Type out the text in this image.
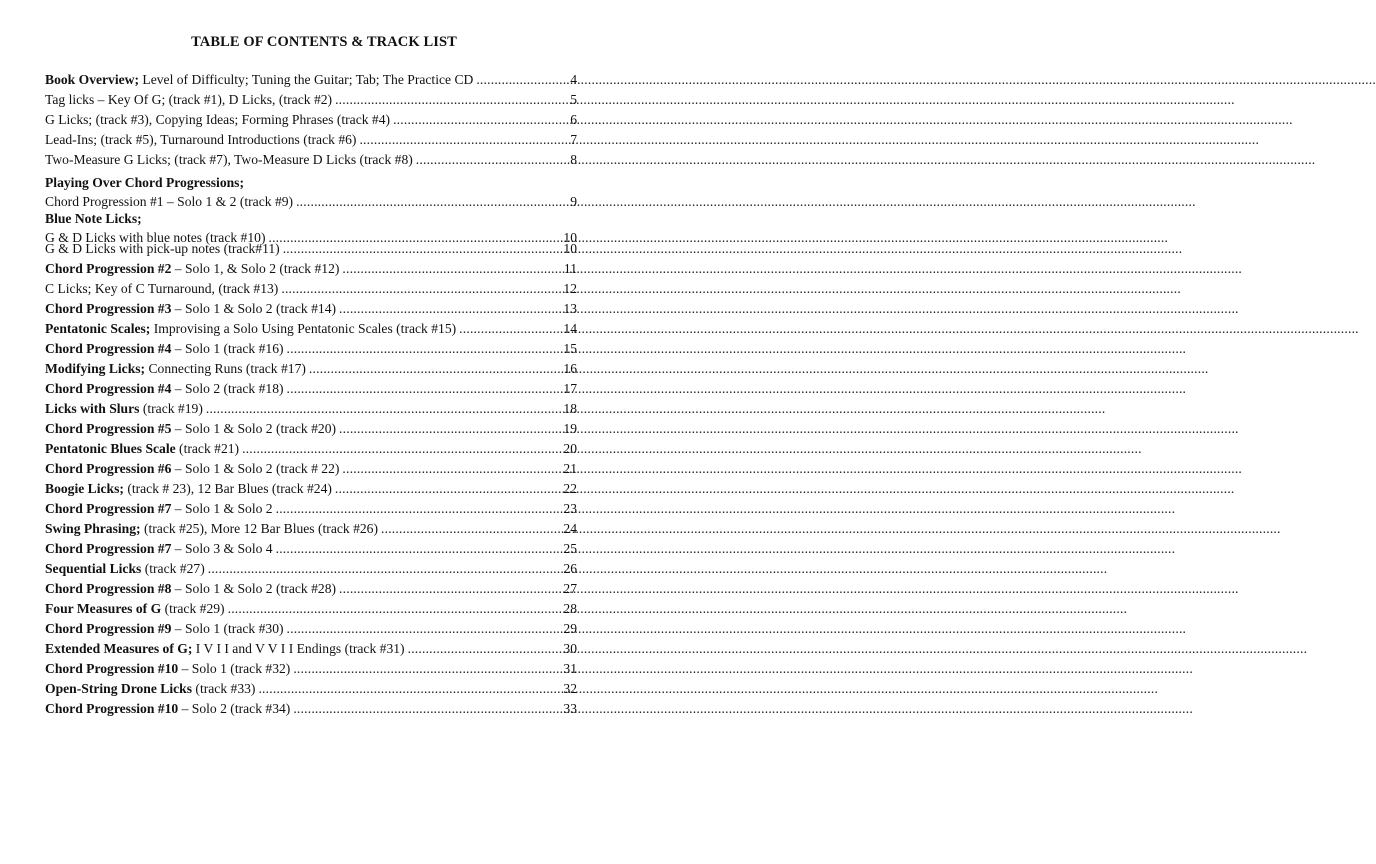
TABLE OF CONTENTS & TRACK LIST
Book Overview; Level of Difficulty; Tuning the Guitar; Tab; The Practice CD .....	4
Tag licks – Key Of G; (track #1), D Licks, (track #2) .....	5
G Licks; (track #3), Copying Ideas; Forming Phrases (track #4) .....	6
Lead-Ins; (track #5), Turnaround Introductions (track #6) .....	7
Two-Measure G Licks; (track #7), Two-Measure D Licks (track #8) .....	8
Playing Over Chord Progressions;
Chord Progression #1 – Solo 1 & 2 (track #9) .....	9
Blue Note Licks;
G & D Licks with blue notes (track #10) .....	10
G & D Licks with pick-up notes (track#11) .....	10
Chord Progression #2 – Solo 1, & Solo 2 (track #12) .....	11
C Licks; Key of C Turnaround, (track #13) .....	12
Chord Progression #3 – Solo 1 & Solo 2 (track #14) .....	13
Pentatonic Scales; Improvising a Solo Using Pentatonic Scales (track #15) .....	14
Chord Progression #4 – Solo 1 (track #16) .....	15
Modifying Licks; Connecting Runs (track #17) .....	16
Chord Progression #4 – Solo 2 (track #18) .....	17
Licks with Slurs (track #19) .....	18
Chord Progression #5 – Solo 1 & Solo 2 (track #20) .....	19
Pentatonic Blues Scale (track #21) .....	20
Chord Progression #6 – Solo 1 & Solo 2 (track # 22) .....	21
Boogie Licks; (track # 23), 12 Bar Blues (track #24) .....	22
Chord Progression #7 – Solo 1 & Solo 2 .....	23
Swing Phrasing; (track #25), More 12 Bar Blues (track #26) .....	24
Chord Progression #7 – Solo 3 & Solo 4 .....	25
Sequential Licks (track #27) .....	26
Chord Progression #8 – Solo 1 & Solo 2 (track #28) .....	27
Four Measures of G (track #29) .....	28
Chord Progression #9 – Solo 1 (track #30) .....	29
Extended Measures of G; I V I I and V V I I Endings (track #31) .....	30
Chord Progression #10 – Solo 1 (track #32) .....	31
Open-String Drone Licks (track #33) .....	32
Chord Progression #10 – Solo 2 (track #34) .....	33
